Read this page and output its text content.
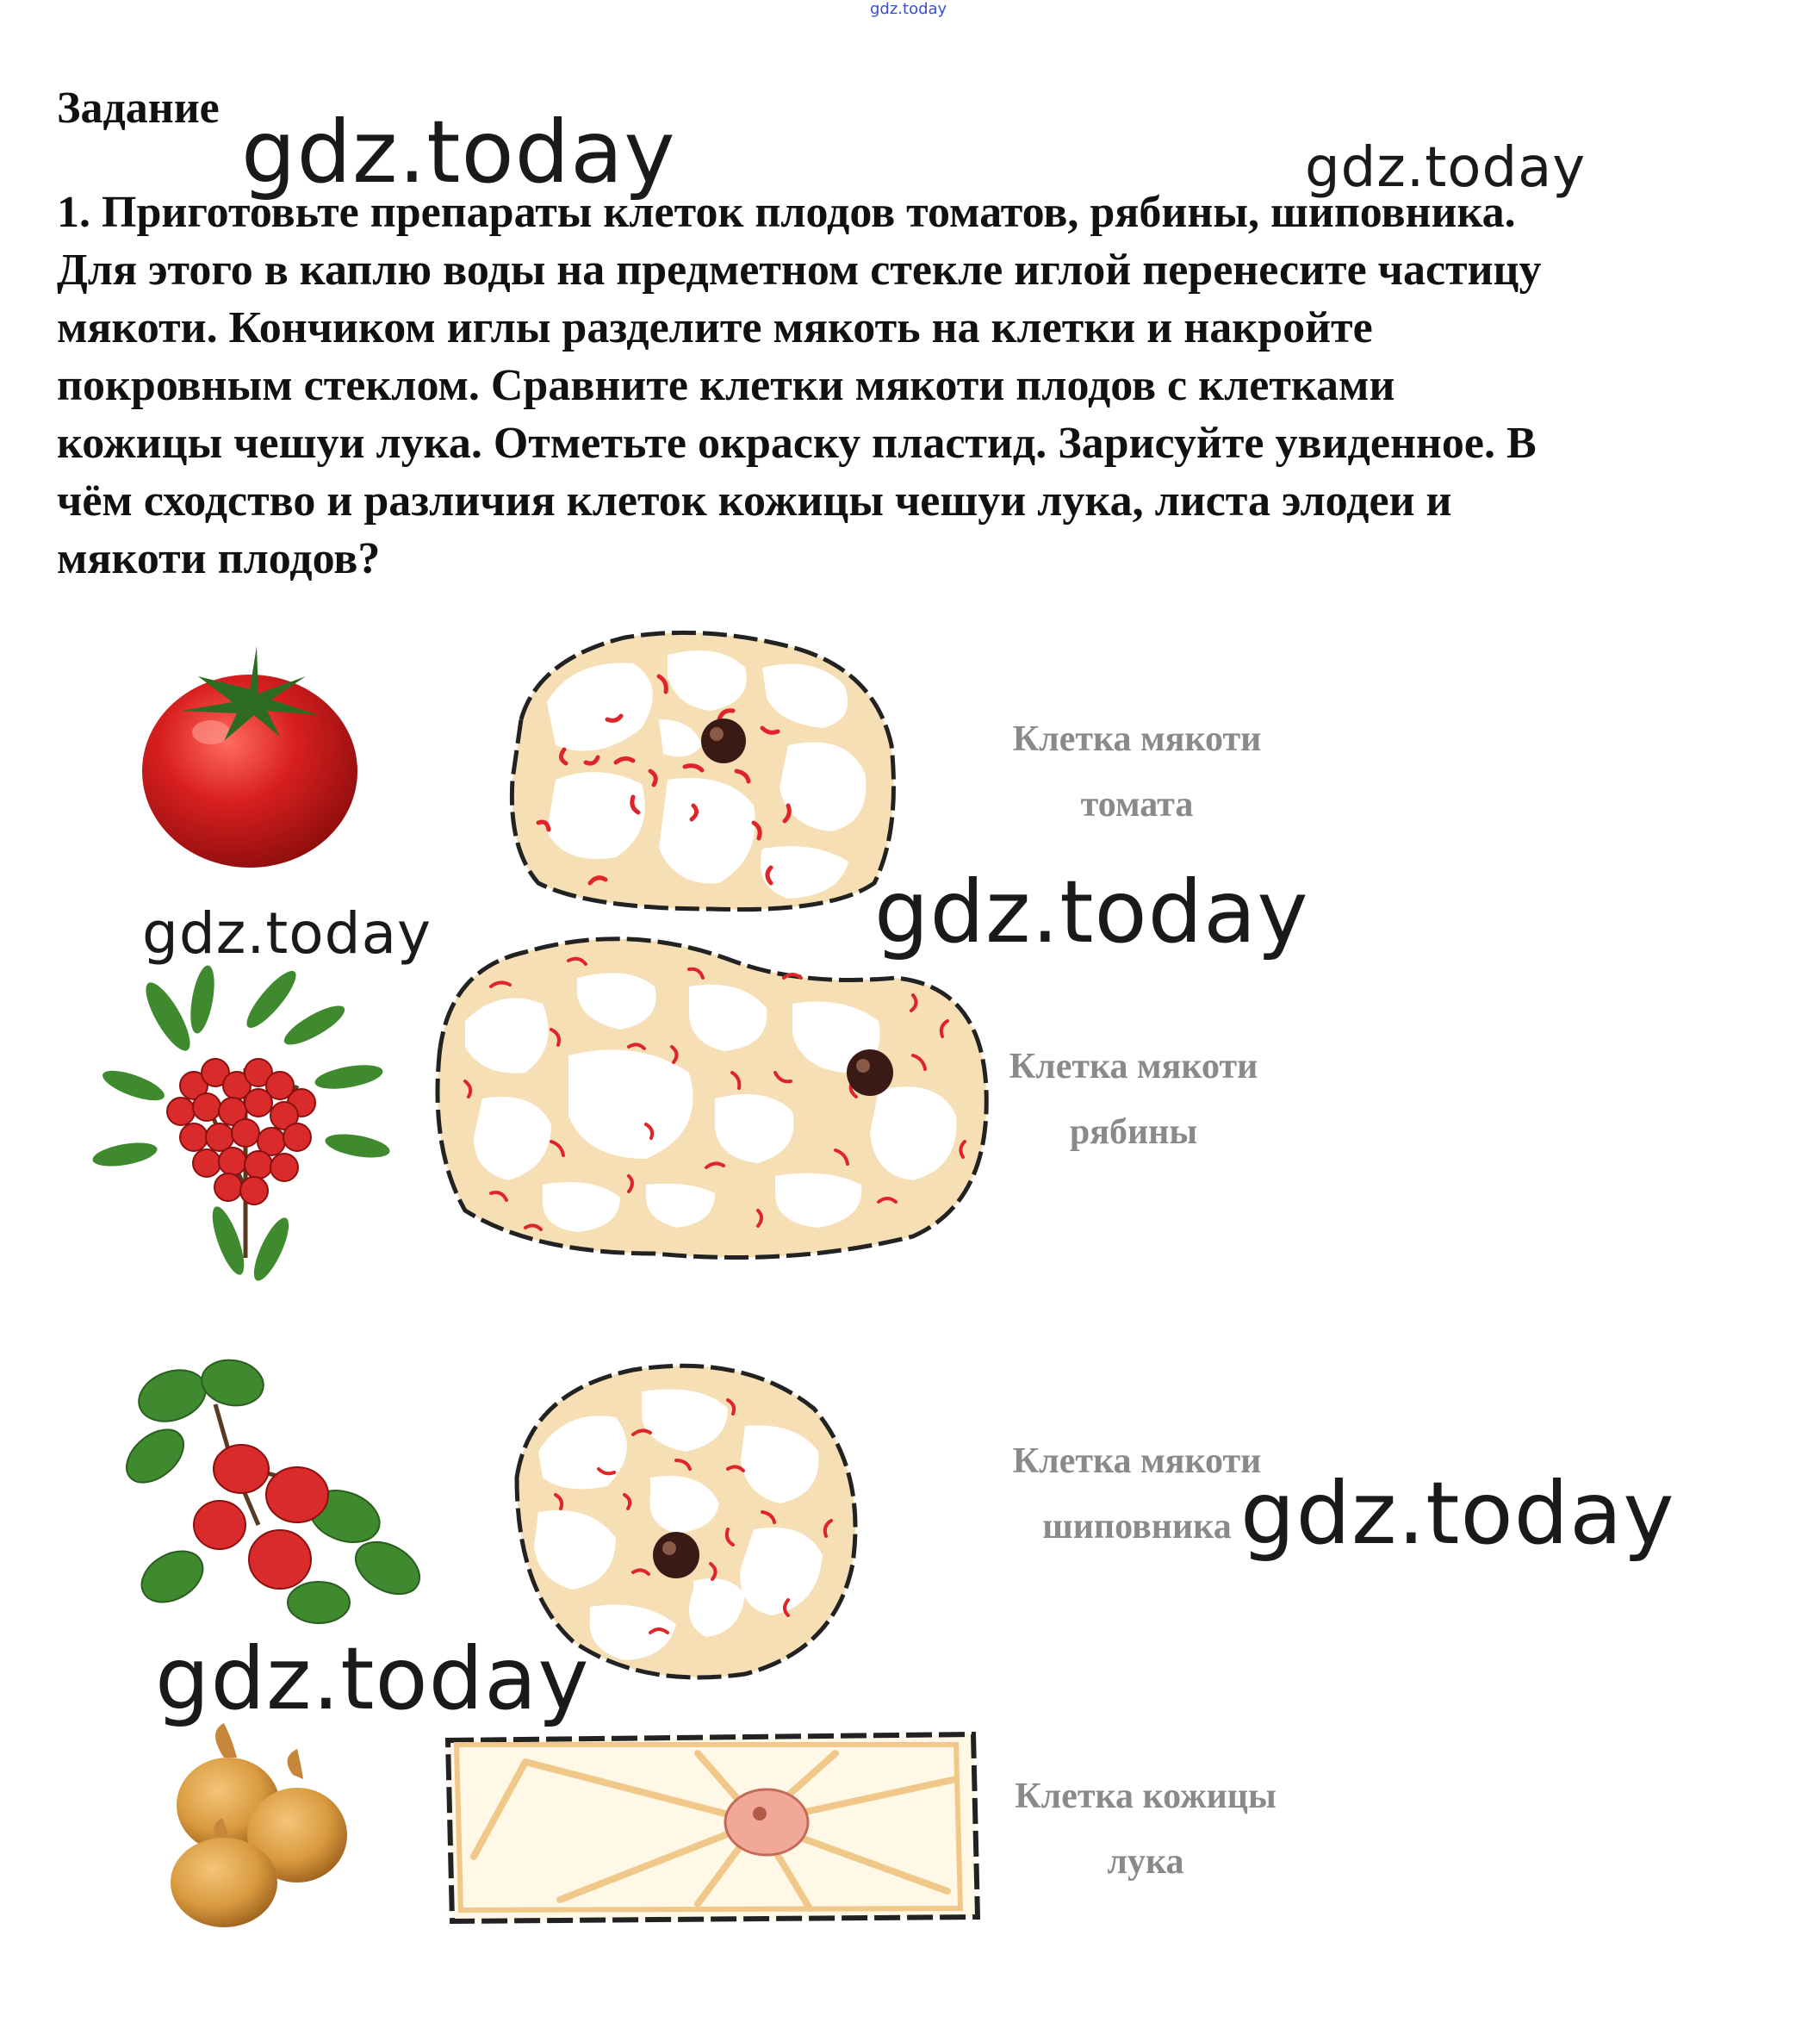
gdz.today
Задание
1. Приготовьте препараты клеток плодов томатов, рябины, шиповника.
Для этого в каплю воды на предметном стекле иглой перенесите частицу
мякоти. Кончиком иглы разделите мякоть на клетки и накройте
покровным стеклом. Сравните клетки мякоти плодов с клетками
кожицы чешуи лука. Отметьте окраску пластид. Зарисуйте увиденное. В
чём сходство и различия клеток кожицы чешуи лука, листа элодеи и
мякоти плодов?
Клетка мякоти
томата
Клетка мякоти
рябины
Клетка мякоти
шиповника
Клетка кожицы
лука
gdz.today	gdz.today
gdz.today	gdz.today
gdz.today
gdz.today
